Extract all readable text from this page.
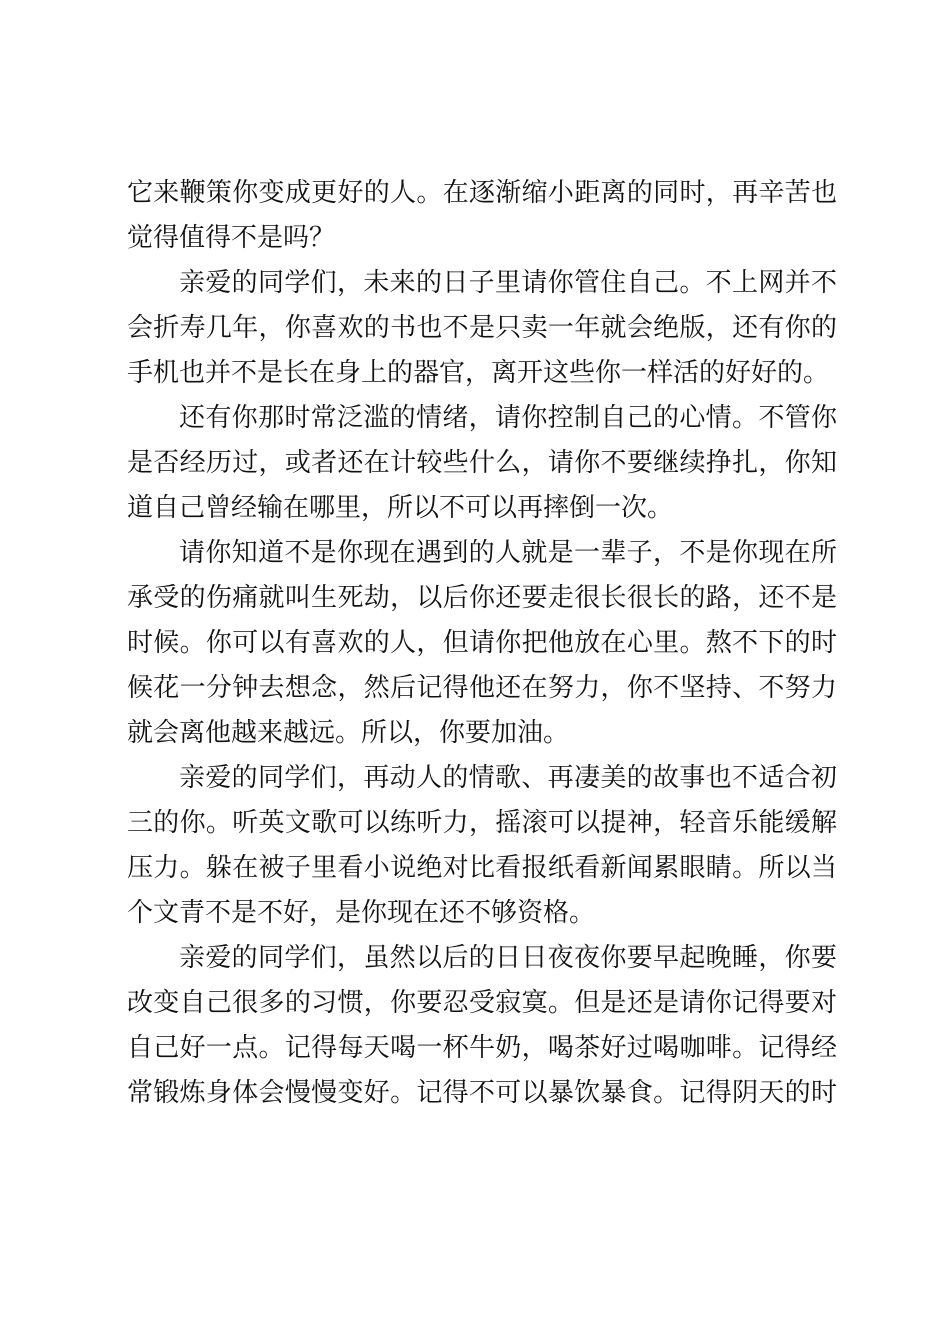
它来鞭策你变成更好的人。在逐渐缩小距离的同时，再辛苦也
觉得值得不是吗？
亲爱的同学们，未来的日子里请你管住自己。不上网并不
会折寿几年，你喜欢的书也不是只卖一年就会绝版，还有你的
手机也并不是长在身上的器官，离开这些你一样活的好好的。
还有你那时常泛滥的情绪，请你控制自己的心情。不管你
是否经历过，或者还在计较些什么，请你不要继续挣扎，你知
道自己曾经输在哪里，所以不可以再摔倒一次。
请你知道不是你现在遇到的人就是一辈子，不是你现在所
承受的伤痛就叫生死劫，以后你还要走很长很长的路，还不是
时候。你可以有喜欢的人，但请你把他放在心里。熬不下的时
候花一分钟去想念，然后记得他还在努力，你不坚持、不努力
就会离他越来越远。所以，你要加油。
亲爱的同学们，再动人的情歌、再凄美的故事也不适合初
三的你。听英文歌可以练听力，摇滚可以提神，轻音乐能缓解
压力。躲在被子里看小说绝对比看报纸看新闻累眼睛。所以当
个文青不是不好，是你现在还不够资格。
亲爱的同学们，虽然以后的日日夜夜你要早起晚睡，你要
改变自己很多的习惯，你要忍受寂寞。但是还是请你记得要对
自己好一点。记得每天喝一杯牛奶，喝茶好过喝咖啡。记得经
常锻炼身体会慢慢变好。记得不可以暴饮暴食。记得阴天的时
